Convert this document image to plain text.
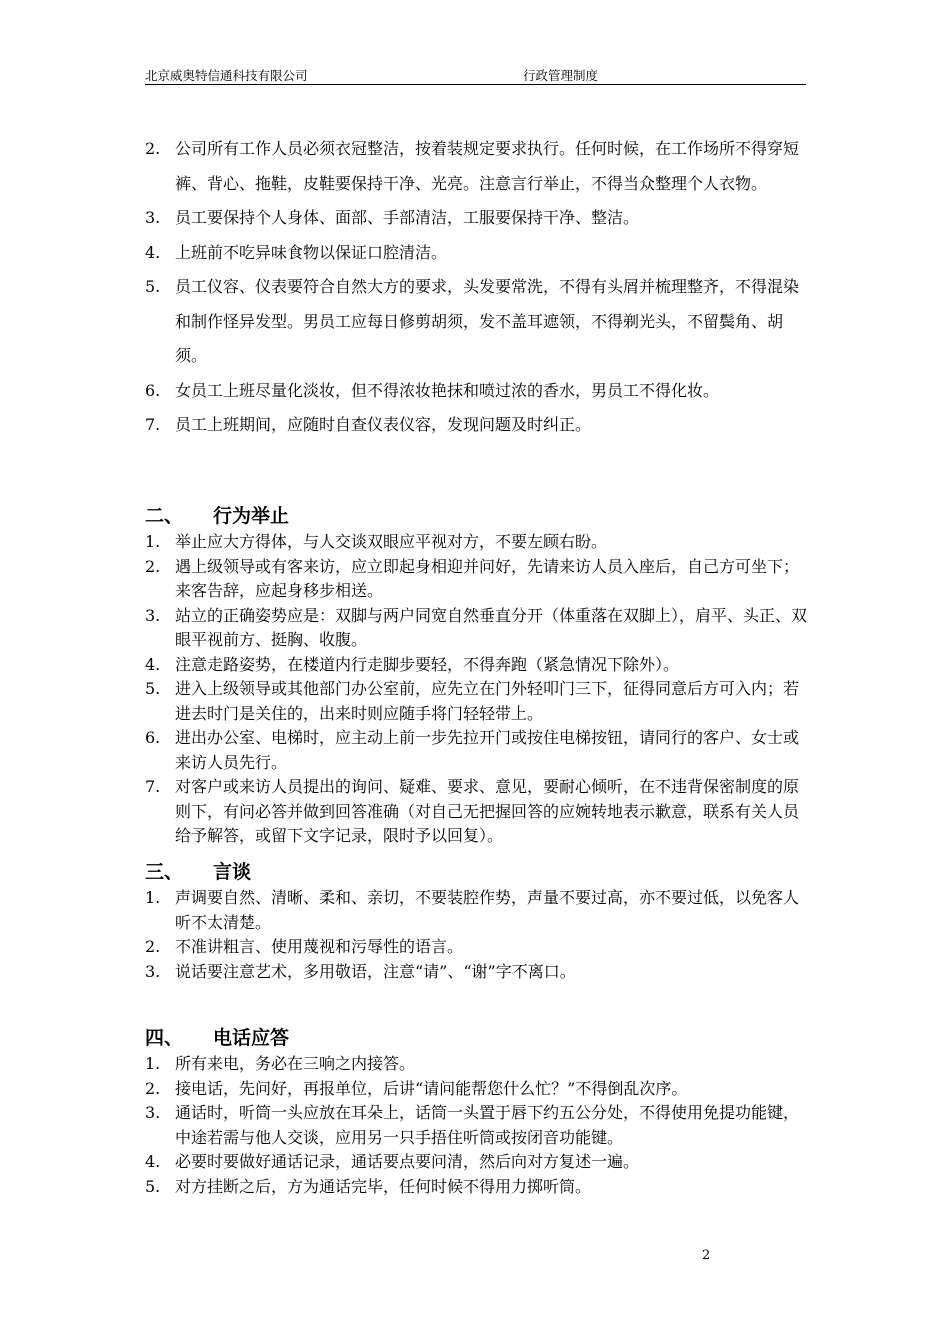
北京威奥特信通科技有限公司	行政管理制度
2. 公司所有工作人员必须衣冠整洁，按着装规定要求执行。任何时候，在工作场所不得穿短裤、背心、拖鞋，皮鞋要保持干净、光亮。注意言行举止，不得当众整理个人衣物。
3. 员工要保持个人身体、面部、手部清洁，工服要保持干净、整洁。
4. 上班前不吃异味食物以保证口腔清洁。
5. 员工仪容、仪表要符合自然大方的要求，头发要常洗，不得有头屑并梳理整齐，不得混染和制作怪异发型。男员工应每日修剪胡须，发不盖耳遮领，不得剃光头，不留鬓角、胡须。
6. 女员工上班尽量化淡妆，但不得浓妆艳抹和喷过浓的香水，男员工不得化妆。
7. 员工上班期间，应随时自查仪表仪容，发现问题及时纠正。
二、 行为举止
1. 举止应大方得体，与人交谈双眼应平视对方，不要左顾右盼。
2. 遇上级领导或有客来访，应立即起身相迎并问好，先请来访人员入座后，自己方可坐下；来客告辞，应起身移步相送。
3. 站立的正确姿势应是：双脚与两户同宽自然垂直分开（体重落在双脚上），肩平、头正、双眼平视前方、挺胸、收腹。
4. 注意走路姿势，在楼道内行走脚步要轻，不得奔跑（紧急情况下除外）。
5. 进入上级领导或其他部门办公室前，应先立在门外轻叩门三下，征得同意后方可入内；若进去时门是关住的，出来时则应随手将门轻轻带上。
6. 进出办公室、电梯时，应主动上前一步先拉开门或按住电梯按钮，请同行的客户、女士或来访人员先行。
7. 对客户或来访人员提出的询问、疑难、要求、意见，要耐心倾听，在不违背保密制度的原则下，有问必答并做到回答准确（对自己无把握回答的应婉转地表示歉意，联系有关人员给予解答，或留下文字记录，限时予以回复）。
三、 言谈
1. 声调要自然、清晰、柔和、亲切，不要装腔作势，声量不要过高，亦不要过低，以免客人听不太清楚。
2. 不准讲粗言、使用蔑视和污辱性的语言。
3. 说话要注意艺术，多用敬语，注意“请”、“谢”字不离口。
四、 电话应答
1. 所有来电，务必在三响之内接答。
2. 接电话，先问好，再报单位，后讲“请问能帮您什么忙？”不得倒乱次序。
3. 通话时，听筒一头应放在耳朵上，话筒一头置于唇下约五公分处，不得使用免提功能键，中途若需与他人交谈，应用另一只手捂住听筒或按闭音功能键。
4. 必要时要做好通话记录，通话要点要问清，然后向对方复述一遍。
5. 对方挂断之后，方为通话完毕，任何时候不得用力掷听筒。
2
